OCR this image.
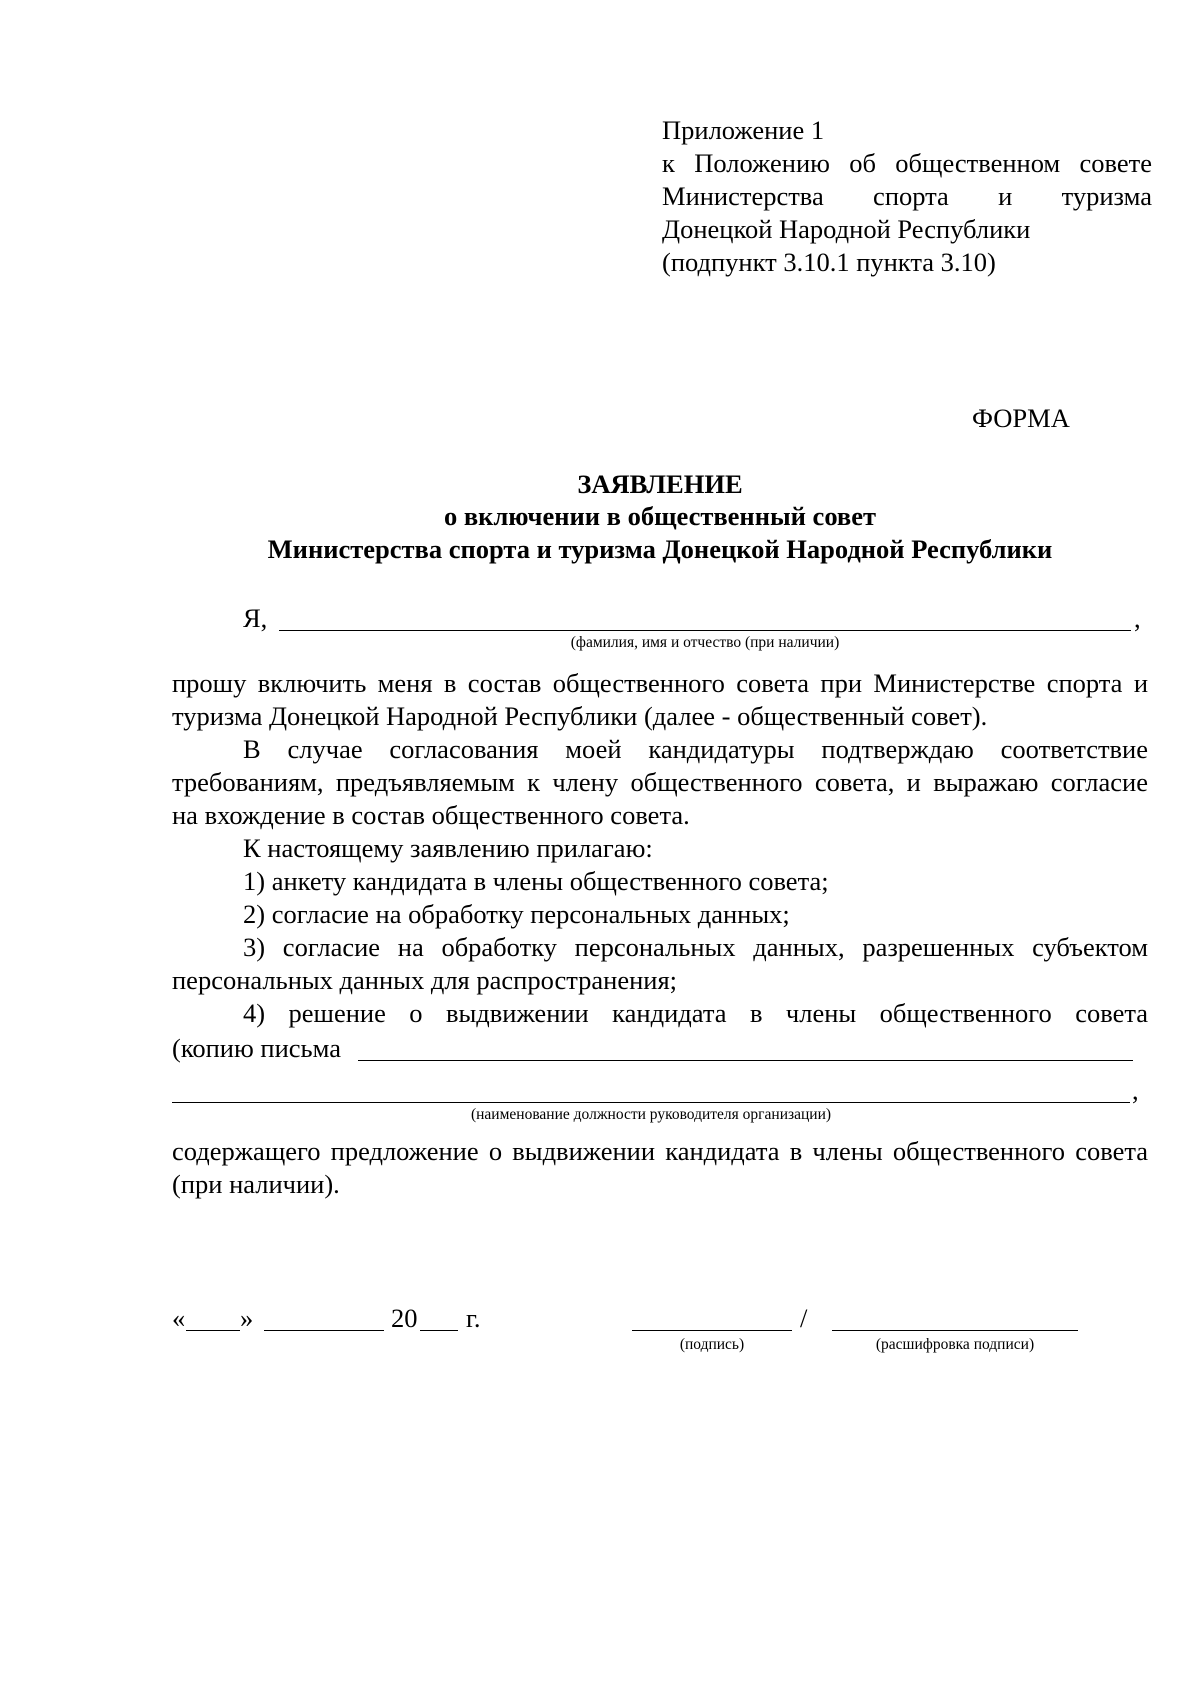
Приложение 1
к Положению об общественном совете
Министерства спорта и туризма
Донецкой Народной Республики
(подпункт 3.10.1 пункта 3.10)
ФОРМА
ЗАЯВЛЕНИЕ
о включении в общественный совет
Министерства спорта и туризма Донецкой Народной Республики
Я,	,
(фамилия, имя и отчество (при наличии)
прошу включить меня в состав общественного совета при Министерстве спорта и
туризма Донецкой Народной Республики (далее - общественный совет).
В случае согласования моей кандидатуры подтверждаю соответствие
требованиям, предъявляемым к члену общественного совета, и выражаю согласие
на вхождение в состав общественного совета.
К настоящему заявлению прилагаю:
1) анкету кандидата в члены общественного совета;
2) согласие на обработку персональных данных;
3) согласие на обработку персональных данных, разрешенных субъектом
персональных данных для распространения;
4) решение о выдвижении кандидата в члены общественного совета
(копию письма
,
(наименование должности руководителя организации)
содержащего предложение о выдвижении кандидата в члены общественного совета
(при наличии).
« »	20 г.	/
(подпись)	(расшифровка подписи)
